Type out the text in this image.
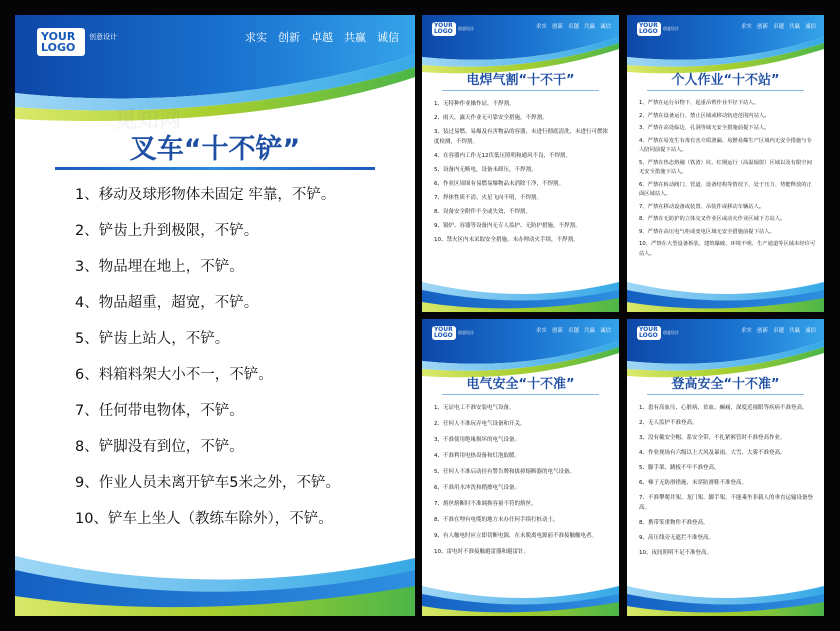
YOUR
LOGO
创意设计	求实 创新 卓越 共赢 诚信
叉车“十不铲”
1、移动及球形物体未固定 牢靠，不铲。
2、铲齿上升到极限，不铲。
3、物品埋在地上，不铲。
4、物品超重，超宽，不铲。
5、铲齿上站人，不铲。
6、料箱料架大小不一，不铲。
7、任何带电物体，不铲。
8、铲脚没有到位，不铲。
9、作业人员未离开铲车5米之外，不铲。
10、铲车上坐人（教练车除外），不铲。
觅知网
YOUR
LOGO	创意设计	求实 创新 卓越 共赢 诚信
电焊气割“十不干”
1、无特种作业操作证，不焊割。
2、雨天、露天作业无可靠安全措施，不焊割。
3、装过易燃、易爆及有害物品的容器，未进行彻底清洗，未进行可燃浓度检测，不焊割。
4、在容器内工作无12伏低压照明和通风不良，不焊割。
5、设备内无断电，设备未卸压，不焊割。
6、作业区周围有易燃易爆物品未消除干净，不焊割。
7、焊体性质不清、火星飞向不明，不焊割。
8、设备安全附件不全或失效，不焊割。
9、锅炉、容器等设备内无专人监护、无防护措施，不焊割。
10、禁火区内未采取安全措施、未办理动火手续，不焊割。
YOUR
LOGO	创意设计	求实 创新 卓越 共赢 诚信
个人作业“十不站”
1、严禁在运行吊物下、起重吊臂作业半径下站人。
2、严禁在设备运行、禁止区域或移动轨迹范围内站人。
3、严禁在高处临边、孔洞等域无安全措施前提下站人。
4、严禁在易发生有毒有害介质泄漏、易燃易爆生产区域内无安全措施与专人陪同前提下站人。
5、严禁在热态熔融（铁渣）坑、红钢运行（高温辐射）区域以及有限空间无安全措施下站人。
6、严禁在转动阀门、管道、设备结构等情况下，处于压力、势能释放的正面区域站人。
7、严禁在移动设备或装置、吊装件或移动车辆站人。
8、严禁在无防护的立体交叉作业区或动火作业区域下方站人。
9、严禁在高压电气柜或变电区域无安全措施前提下站人。
10、严禁在大型设备拆装、建筑爆破、环境不明、生产通道等区域未经许可站人。
YOUR
LOGO	创意设计	求实 创新 卓越 共赢 诚信
电气安全“十不准”
1、无证电工不准安装电气设备。
2、任何人不准玩弄电气设备和开关。
3、不准使用绝缘损坏的电气设备。
4、不准利用电热设备和灯泡取暖。
5、任何人不准启动挂有警告牌和拔掉熔断器的电气设备。
6、不准用水冲洗和揩擦电气设备。
7、熔丝熔断时不准调换容量不符的熔丝。
8、不准在埋有电缆的地方未办任何手续打桩动土。
9、有人触电时应立即切断电源，在未脱离电源前不准接触触电者。
10、雷电时不准接触避雷器和避雷针。
YOUR
LOGO	创意设计	求实 创新 卓越 共赢 诚信
登高安全“十不准”
1、患有高血压、心脏病、贫血、癫痫、深度近视眼等疾病不准登高。
2、无人监护不准登高。
3、没有戴安全帽、系安全带、不扎紧裤管时不准登高作业。
4、作业现场有六级以上大风及暴雨、大雪、大雾不准登高。
5、脚手架、跳板不牢不准登高。
6、梯子无防滑措施、未穿防滑鞋不准登高。
7、不准攀爬井架、龙门架、脚手架，不能乘坐非载人的垂直运输设备登高。
8、携带笨重物件不准登高。
9、高压线旁无遮拦不准登高。
10、夜间照明不足不准登高。
